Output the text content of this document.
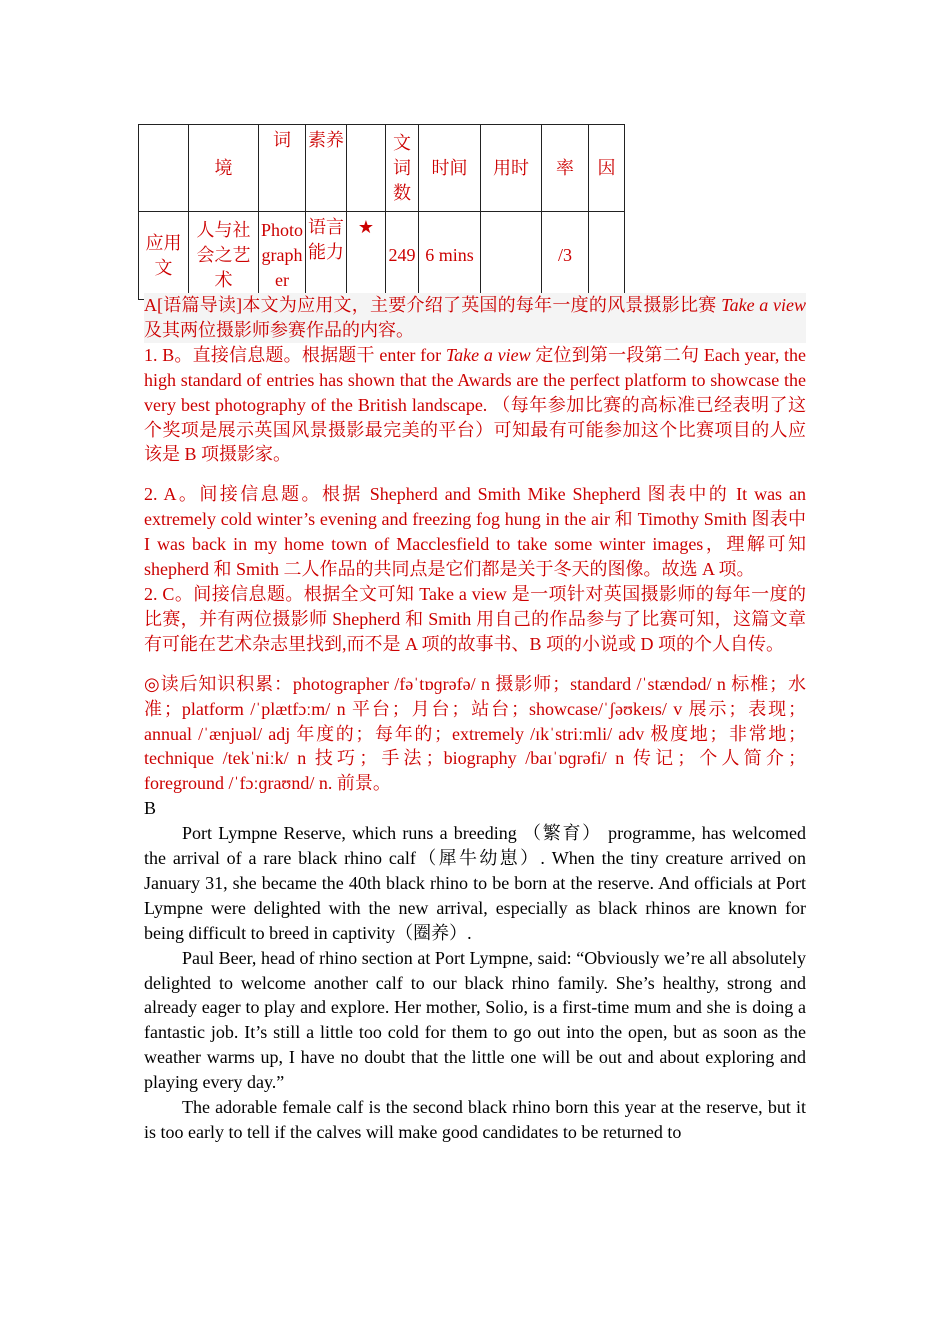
	境	词	素养		文词数	时间	用时	率	因
应用文	人与社会之艺术	Photographer	语言能力	★	249	6 mins		/3	

A[语篇导读]本文为应用文，主要介绍了英国的每年一度的风景摄影比赛 Take a view 及其两位摄影师参赛作品的内容。

1. B。直接信息题。根据题干 enter for Take a view 定位到第一段第二句 Each year, the high standard of entries has shown that the Awards are the perfect platform to showcase the very best photography of the British landscape. （每年参加比赛的高标准已经表明了这个奖项是展示英国风景摄影最完美的平台）可知最有可能参加这个比赛项目的人应该是 B 项摄影家。

2. A。间接信息题。根据 Shepherd and Smith Mike Shepherd 图表中的 It was an extremely cold winter’s evening and freezing fog hung in the air 和 Timothy Smith 图表中 I was back in my home town of Macclesfield to take some winter images，理解可知 shepherd 和 Smith 二人作品的共同点是它们都是关于冬天的图像。故选 A 项。

2. C。间接信息题。根据全文可知 Take a view 是一项针对英国摄影师的每年一度的比赛，并有两位摄影师 Shepherd 和 Smith 用自己的作品参与了比赛可知，这篇文章有可能在艺术杂志里找到,而不是 A 项的故事书、B 项的小说或 D 项的个人自传。

◎读后知识积累：photographer /fəˈtɒɡrəfə/ n 摄影师；standard /ˈstændəd/ n 标椎；水准；platform /ˈplætfɔːm/ n 平台；月台；站台；showcase/ˈʃəʊkeɪs/ v 展示；表现；annual /ˈænjuəl/ adj 年度的；每年的；extremely /ɪkˈstriːmli/ adv 极度地；非常地；technique /tekˈniːk/ n 技巧；手法；biography /baɪˈɒɡrəfi/ n 传记；个人简介；foreground /ˈfɔːɡraʊnd/ n. 前景。

B

Port Lympne Reserve, which runs a breeding （繁育） programme, has welcomed the arrival of a rare black rhino calf（犀牛幼崽）. When the tiny creature arrived on January 31, she became the 40th black rhino to be born at the reserve. And officials at Port Lympne were delighted with the new arrival, especially as black rhinos are known for being difficult to breed in captivity（圈养）.

Paul Beer, head of rhino section at Port Lympne, said: “Obviously we’re all absolutely delighted to welcome another calf to our black rhino family. She’s healthy, strong and already eager to play and explore. Her mother, Solio, is a first-time mum and she is doing a fantastic job. It’s still a little too cold for them to go out into the open, but as soon as the weather warms up, I have no doubt that the little one will be out and about exploring and playing every day.”

The adorable female calf is the second black rhino born this year at the reserve, but it is too early to tell if the calves will make good candidates to be returned to
